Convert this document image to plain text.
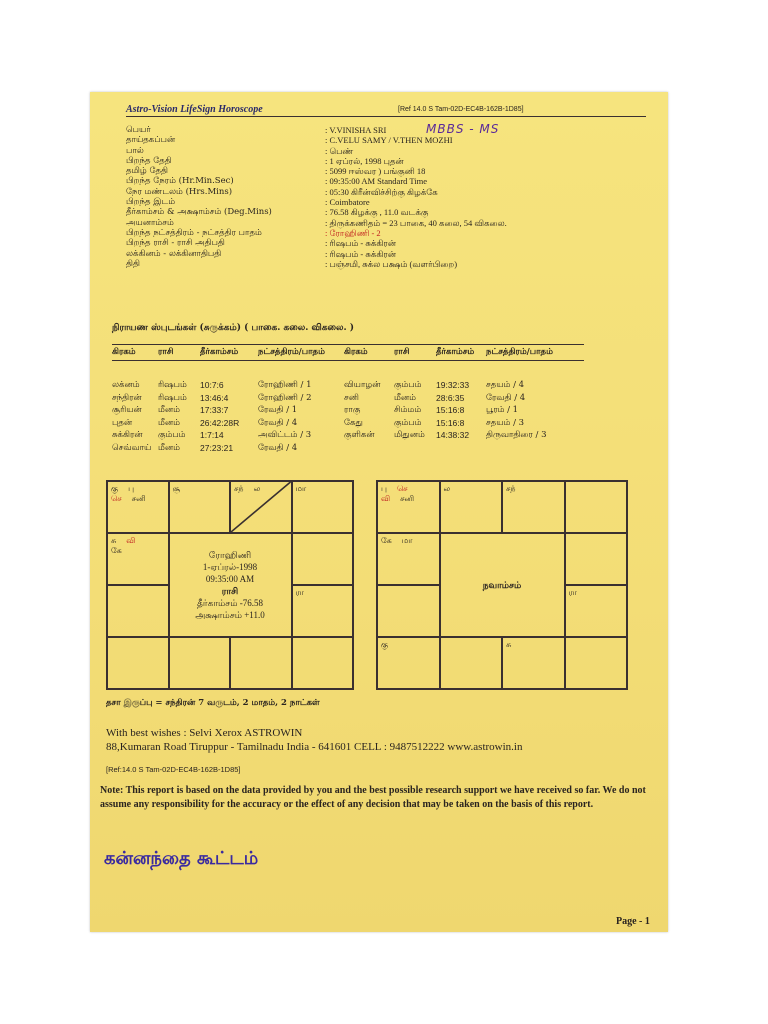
Astro-Vision LifeSign Horoscope	[Ref 14.0 S Tam-02D-EC4B-162B-1D85]
MBBS - MS
பெயர்	: V.VINISHA SRI
தாய்தகப்பன்	: C.VELU SAMY / V.THEN MOZHI
பால்	: பெண்
பிறந்த தேதி	: 1 ஏப்ரல், 1998 புதன்
தமிழ் தேதி	: 5099 ஈஸ்வர ) பங்குனி 18
பிறந்த நேரம் (Hr.Min.Sec)	: 09:35:00 AM Standard Time
நேர மண்டலம் (Hrs.Mins)	: 05:30 கிரீன்விச்சிற்கு கிழக்கே
பிறந்த இடம்	: Coimbatore
தீர்காம்சம் & அக்ஷாம்சம் (Deg.Mins)	: 76.58 கிழக்கு , 11.0 வடக்கு
அயனாம்சம்	: திருக்கணிதம் = 23 பாகை, 40 கலை, 54 விகலை.
பிறந்த நட்சத்திரம் - நட்சத்திர பாதம்	: ரோஹிணி - 2
பிறந்த ராசி - ராசி அதிபதி	: ரிஷபம் - சுக்கிரன்
லக்கினம் - லக்கினாதிபதி	: ரிஷபம் - சுக்கிரன்
திதி	: பஞ்சமி, சுக்ல பக்ஷம் (வளர்பிறை)
நிராயண ஸ்புடங்கள் (சுருக்கம்) ( பாகை. கலை. விகலை. )
கிரகம்	ராசி	தீர்காம்சம்	நட்சத்திரம்/பாதம்	கிரகம்	ராசி	தீர்காம்சம்	நட்சத்திரம்/பாதம்
லக்னம்	ரிஷபம்	10:7:6	ரோஹிணி / 1	வியாழன்	கும்பம்	19:32:33	சதயம் / 4
சந்திரன்	ரிஷபம்	13:46:4	ரோஹிணி / 2	சனி	மீனம்	28:6:35	ரேவதி / 4
சூரியன்	மீனம்	17:33:7	ரேவதி / 1	ராகு	சிம்மம்	15:16:8	பூரம் / 1
புதன்	மீனம்	26:42:28R	ரேவதி / 4	கேது	கும்பம்	15:16:8	சதயம் / 3
சுக்கிரன்	கும்பம்	1:7:14	அவிட்டம் / 3	குளிகன்	மிதுனம்	14:38:32	திருவாதிரை / 3
செவ்வாய் மீனம்	27:23:21	ரேவதி / 4
கு பு
செ சனி
சூ	சந் ல	மா
சு வி
கே	ரோஹிணி
1-ஏப்ரல்-1998
09:35:00 AM
ராசி
தீர்காம்சம் -76.58
அக்ஷாம்சம் +11.0
ரா
பு செ
வி சனி
ல	சந்
கே மா
நவாம்சம்
ரா
கு	சு
தசா இருப்பு = சந்திரன் 7 வருடம், 2 மாதம், 2 நாட்கள்
With best wishes : Selvi Xerox ASTROWIN
88,Kumaran Road Tiruppur - Tamilnadu India - 641601 CELL : 9487512222 www.astrowin.in
[Ref:14.0 S Tam-02D-EC4B-162B-1D85]
Note: This report is based on the data provided by you and the best possible research support we have received so far. We do not assume any responsibility for the accuracy or the effect of any decision that may be taken on the basis of this report.
கன்னந்தை கூட்டம்
Page - 1
